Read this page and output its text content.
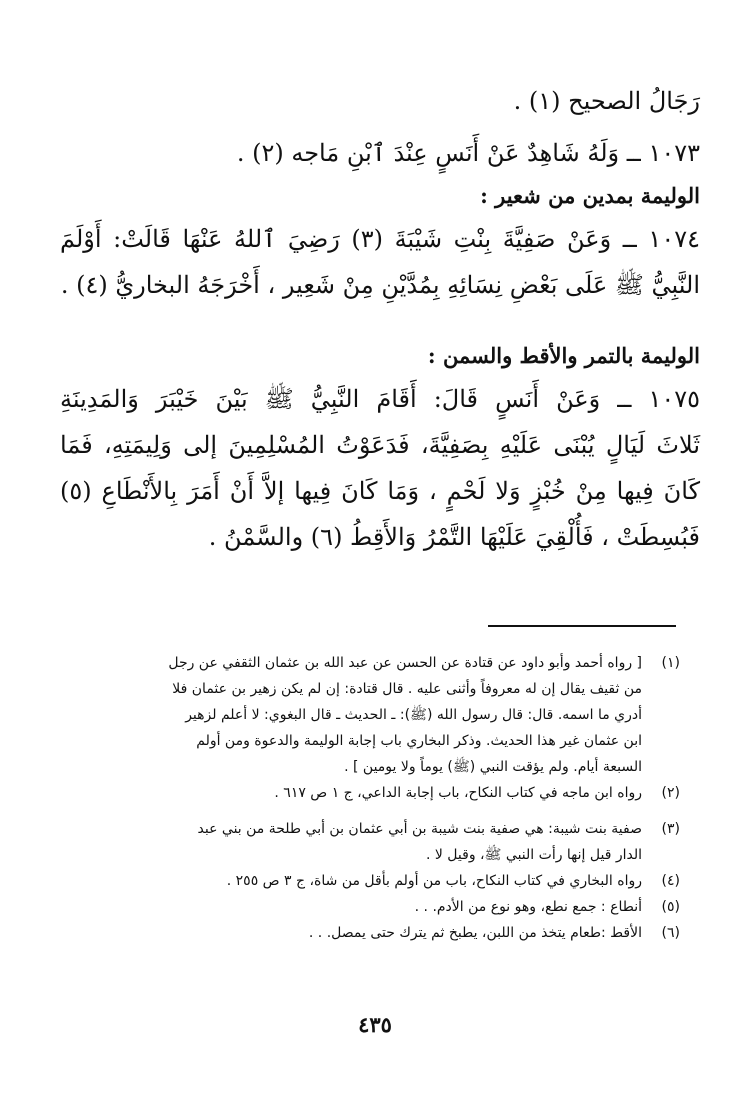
رَجَالُ الصحيح (١) .
١٠٧٣ ــ وَلَهُ شَاهِدٌ عَنْ أَنَسٍ عِنْدَ ٱبْنِ مَاجه (٢) .
الوليمة بمدين من شعير :
١٠٧٤ ــ وَعَنْ صَفِيَّةَ بِنْتِ شَيْبَةَ (٣) رَضِيَ ٱللهُ عَنْهَا قَالَتْ: أَوْلَمَ
النَّبِيُّ ﷺ عَلَى بَعْضِ نِسَائِهِ بِمُدَّيْنِ مِنْ شَعِير ، أَخْرَجَهُ البخاريُّ (٤) .
الوليمة بالتمر والأقط والسمن :
١٠٧٥ ــ وَعَنْ أَنَسٍ قَالَ: أَقَامَ النَّبِيُّ ﷺ بَيْنَ خَيْبَرَ وَالمَدِينَةِ
ثَلاثَ لَيَالٍ يُبْنَى عَلَيْهِ بِصَفِيَّةَ، فَدَعَوْتُ المُسْلِمِينَ إلى وَلِيمَتِهِ، فَمَا
كَانَ فِيها مِنْ خُبْزٍ وَلا لَحْمٍ ، وَمَا كَانَ فِيها إلاَّ أَنْ أَمَرَ بِالأَنْطَاعِ (٥)
فَبُسِطَتْ ، فَأُلْقِيَ عَلَيْهَا التَّمْرُ وَالأَقِطُ (٦) والسَّمْنُ .
(١)
[ رواه أحمد وأبو داود عن قتادة عن الحسن عن عبد الله بن عثمان الثقفي عن رجل
من ثقيف يقال إن له معروفاً وأثنى عليه . قال قتادة: إن لم يكن زهير بن عثمان فلا
أدري ما اسمه. قال: قال رسول الله (ﷺ): ـ الحديث ـ قال البغوي: لا أعلم لزهير
ابن عثمان غير هذا الحديث. وذكر البخاري باب إجابة الوليمة والدعوة ومن أولم
السبعة أيام. ولم يؤقت النبي (ﷺ) يوماً ولا يومين ] .
(٢)
رواه ابن ماجه في كتاب النكاح، باب إجابة الداعي، ج ١ ص ٦١٧ .
(٣)
صفية بنت شيبة: هي صفية بنت شيبة بن أبي عثمان بن أبي طلحة من بني عبد
الدار قيل إنها رأت النبي ﷺ، وقيل لا .
(٤)
رواه البخاري في كتاب النكاح، باب من أولم بأقل من شاة، ج ٣ ص ٢٥٥ .
(٥)
أنطاع : جمع نطع، وهو نوع من الأدم. . .
(٦)
الأقط :طعام يتخذ من اللبن، يطبخ ثم يترك حتى يمصل. . .
٤٣٥
